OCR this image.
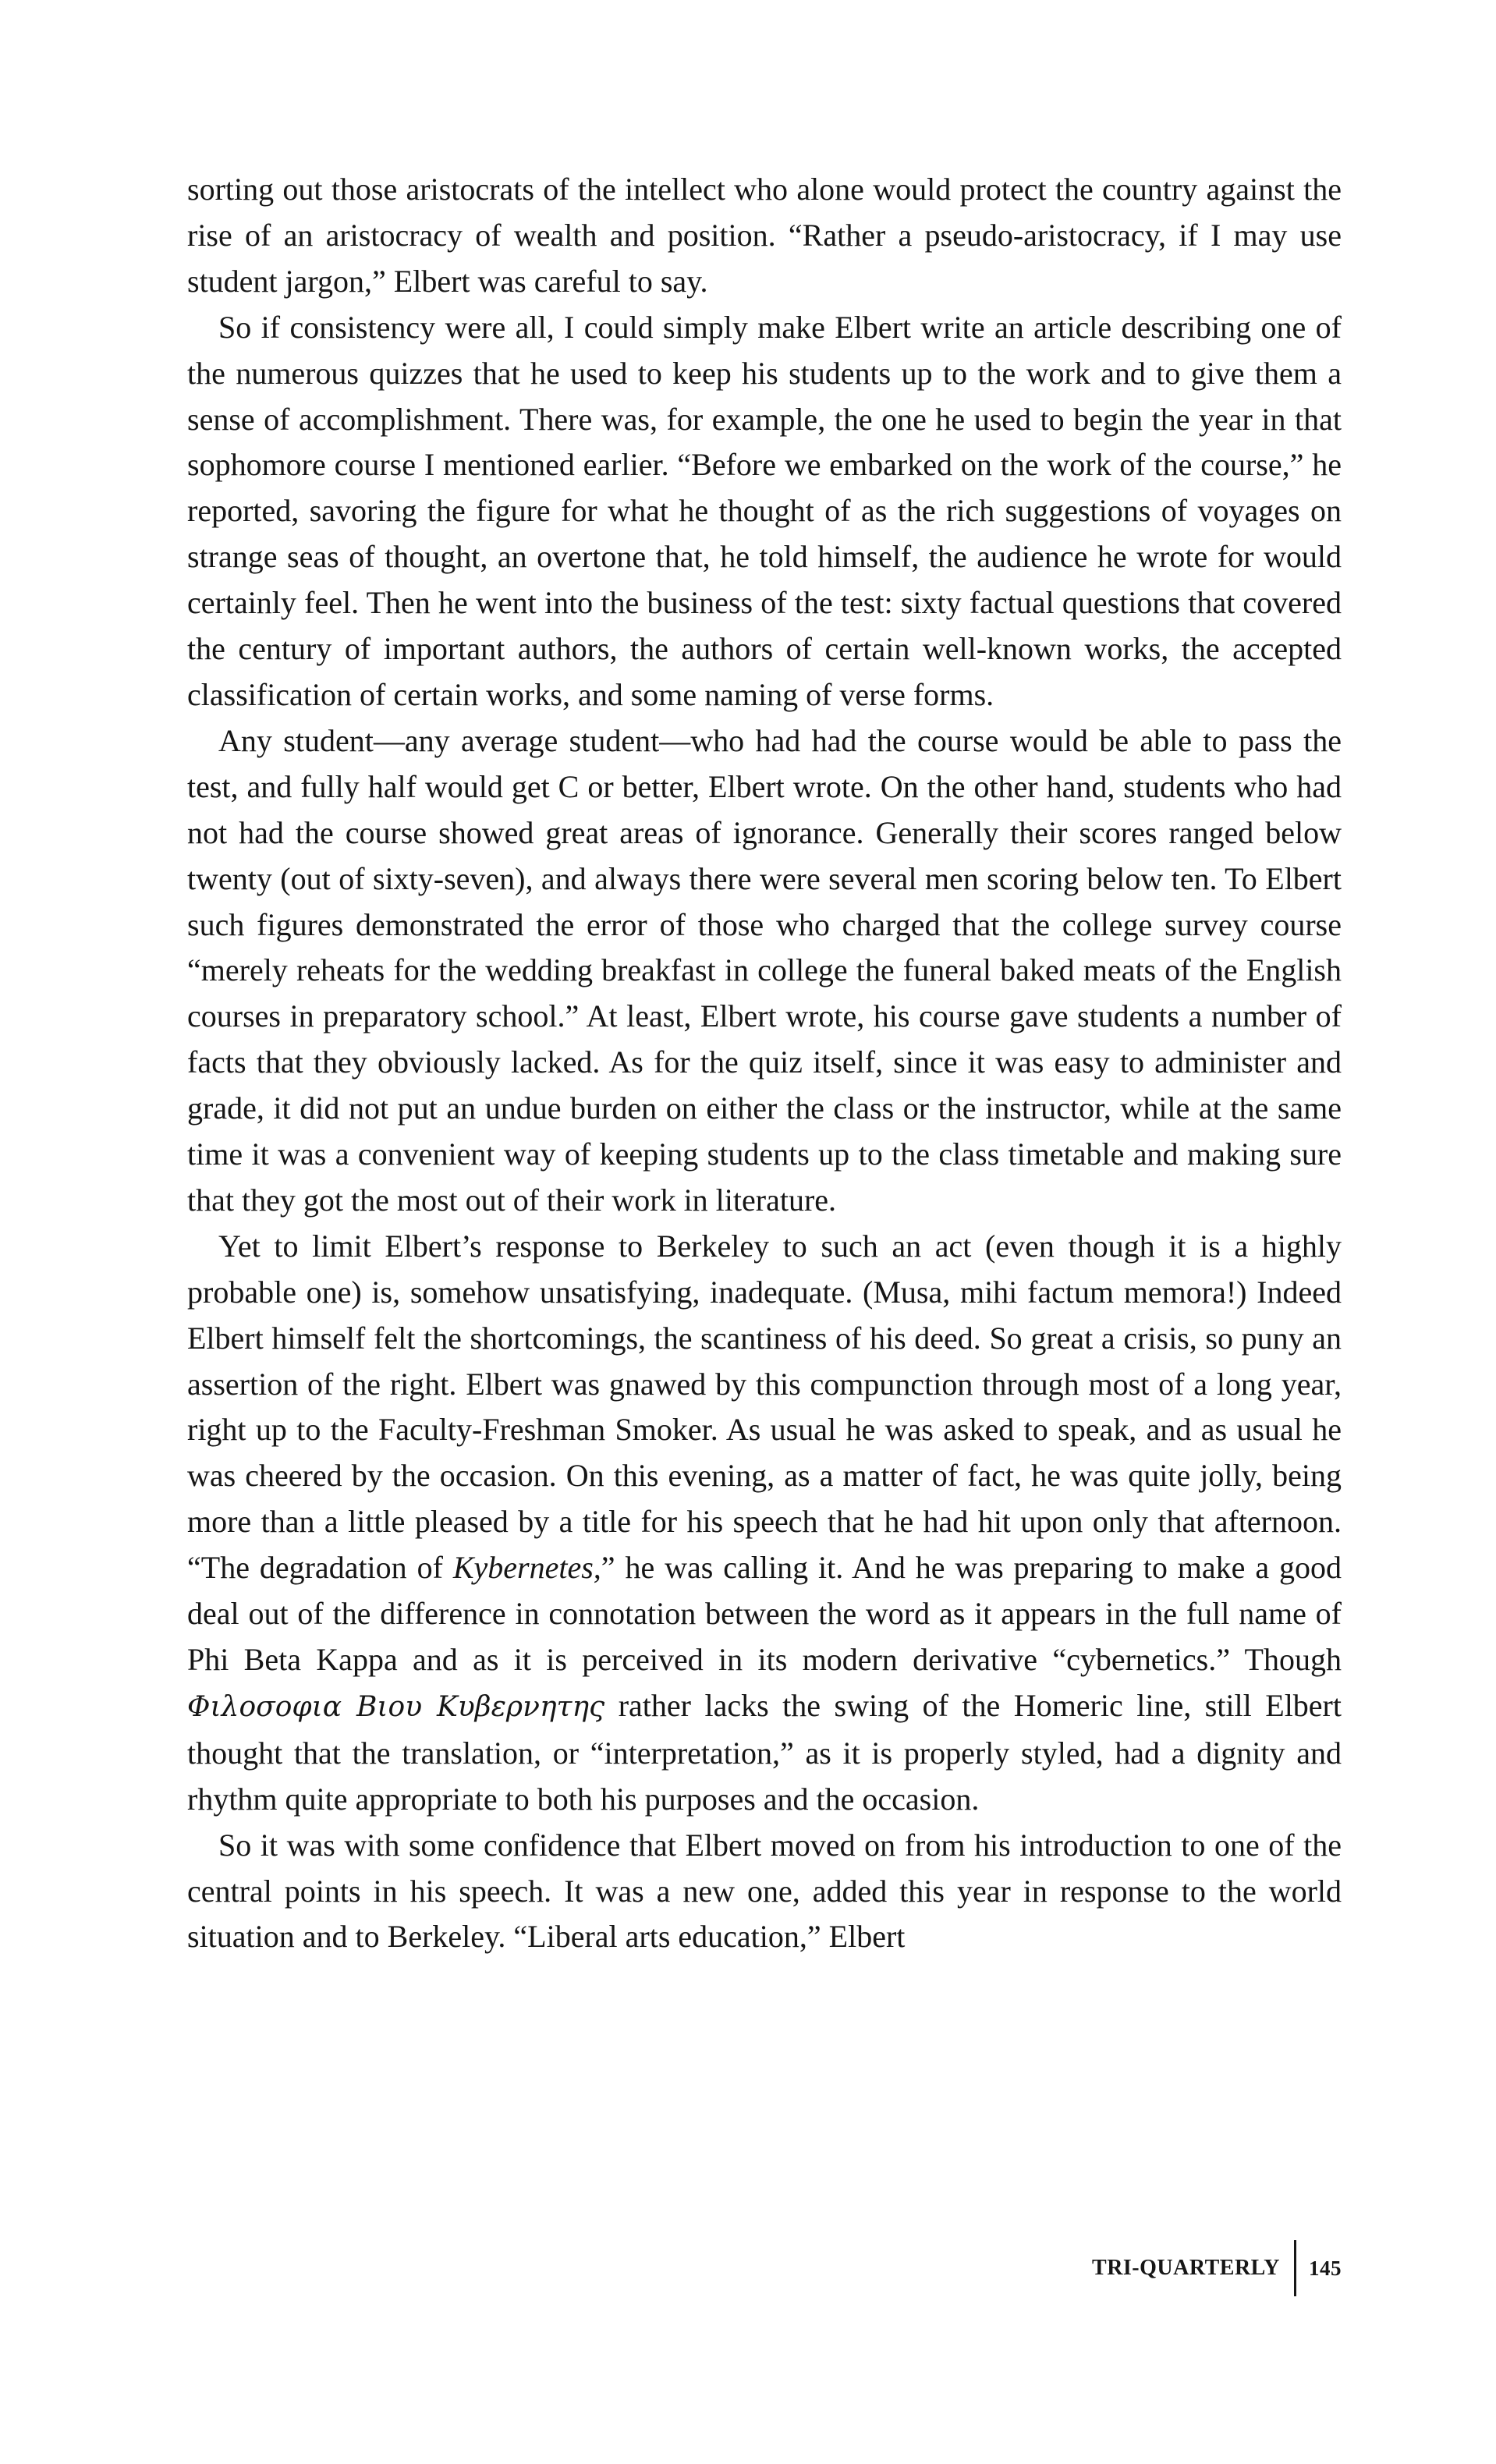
sorting out those aristocrats of the intellect who alone would protect the country against the rise of an aristocracy of wealth and position. “Rather a pseudo-aristocracy, if I may use student jargon,” Elbert was careful to say.

So if consistency were all, I could simply make Elbert write an article describing one of the numerous quizzes that he used to keep his students up to the work and to give them a sense of accomplishment. There was, for example, the one he used to begin the year in that sophomore course I mentioned earlier. “Before we embarked on the work of the course,” he reported, savoring the figure for what he thought of as the rich suggestions of voyages on strange seas of thought, an overtone that, he told himself, the audience he wrote for would certainly feel. Then he went into the business of the test: sixty factual questions that covered the century of important authors, the authors of certain well-known works, the accepted classification of certain works, and some naming of verse forms.

Any student—any average student—who had had the course would be able to pass the test, and fully half would get C or better, Elbert wrote. On the other hand, students who had not had the course showed great areas of ignorance. Generally their scores ranged below twenty (out of sixty-seven), and always there were several men scoring below ten. To Elbert such figures demonstrated the error of those who charged that the college survey course “merely reheats for the wedding breakfast in college the funeral baked meats of the English courses in preparatory school.” At least, Elbert wrote, his course gave students a number of facts that they obviously lacked. As for the quiz itself, since it was easy to administer and grade, it did not put an undue burden on either the class or the instructor, while at the same time it was a convenient way of keeping students up to the class timetable and making sure that they got the most out of their work in literature.

Yet to limit Elbert’s response to Berkeley to such an act (even though it is a highly probable one) is, somehow unsatisfying, inadequate. (Musa, mihi factum memora!) Indeed Elbert himself felt the shortcomings, the scantiness of his deed. So great a crisis, so puny an assertion of the right. Elbert was gnawed by this compunction through most of a long year, right up to the Faculty-Freshman Smoker. As usual he was asked to speak, and as usual he was cheered by the occasion. On this evening, as a matter of fact, he was quite jolly, being more than a little pleased by a title for his speech that he had hit upon only that afternoon. “The degradation of Kybernetes,” he was calling it. And he was preparing to make a good deal out of the difference in connotation between the word as it appears in the full name of Phi Beta Kappa and as it is perceived in its modern derivative “cybernetics.” Though Φιλοσοφια Βιου Κυβερνητης rather lacks the swing of the Homeric line, still Elbert thought that the translation, or “interpretation,” as it is properly styled, had a dignity and rhythm quite appropriate to both his purposes and the occasion.

So it was with some confidence that Elbert moved on from his introduction to one of the central points in his speech. It was a new one, added this year in response to the world situation and to Berkeley. “Liberal arts education,” Elbert

TRI-QUARTERLY	145
